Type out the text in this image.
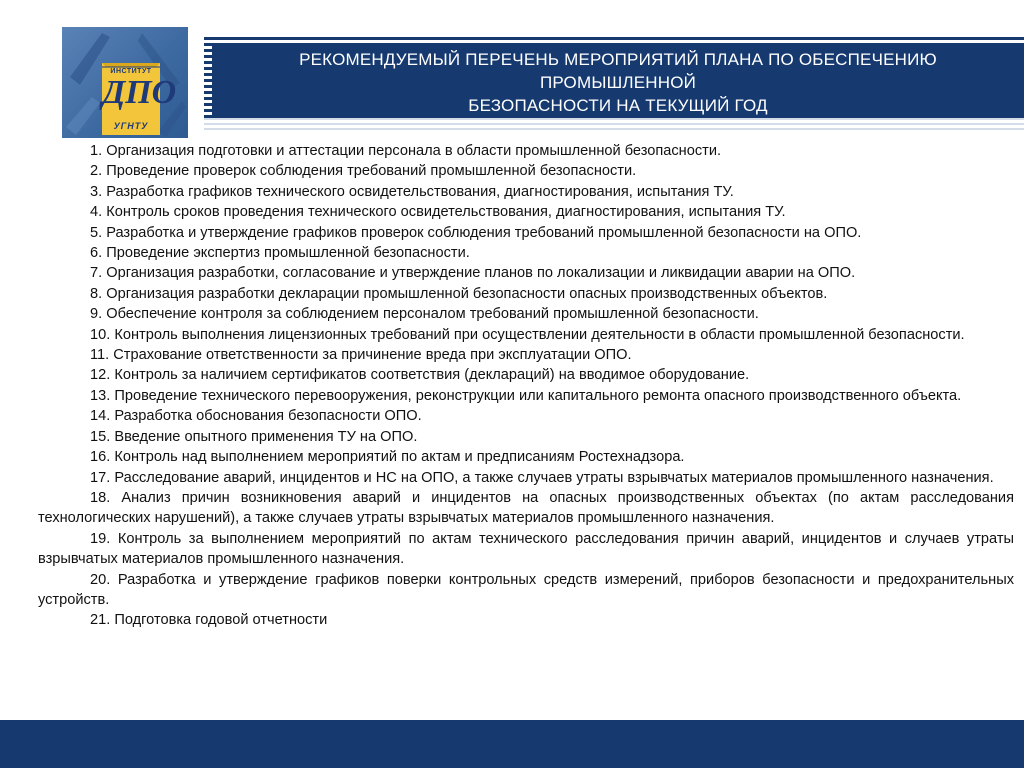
ИНСТИТУТ
ДПО
УГНТУ
РЕКОМЕНДУЕМЫЙ ПЕРЕЧЕНЬ МЕРОПРИЯТИЙ ПЛАНА ПО ОБЕСПЕЧЕНИЮ ПРОМЫШЛЕННОЙ
БЕЗОПАСНОСТИ НА ТЕКУЩИЙ ГОД

1. Организация подготовки и аттестации персонала в области промышленной безопасности.

2. Проведение проверок соблюдения требований промышленной безопасности.

3. Разработка графиков технического освидетельствования, диагностирования, испытания ТУ.

4. Контроль сроков проведения технического освидетельствования, диагностирования, испытания ТУ.

5. Разработка и утверждение графиков проверок соблюдения требований промышленной безопасности на ОПО.

6. Проведение экспертиз промышленной безопасности.

7. Организация разработки, согласование и утверждение планов по локализации и ликвидации аварии на ОПО.

8. Организация разработки декларации промышленной безопасности опасных производственных объектов.

9. Обеспечение контроля за соблюдением персоналом требований промышленной безопасности.

10. Контроль выполнения лицензионных требований при осуществлении деятельности в области промышленной безопасности.

11. Страхование ответственности за причинение вреда при эксплуатации ОПО.

12. Контроль за наличием сертификатов соответствия (деклараций) на вводимое оборудование.

13. Проведение технического перевооружения, реконструкции или капитального ремонта опасного производственного объекта.

14. Разработка обоснования безопасности ОПО.

15. Введение опытного применения ТУ на ОПО.

16. Контроль над выполнением мероприятий по актам и предписаниям Ростехнадзора.

17. Расследование аварий, инцидентов и НС на ОПО, а также случаев утраты взрывчатых материалов промышленного назначения.

18. Анализ причин возникновения аварий и инцидентов на опасных производственных объектах (по актам расследования технологических нарушений), а также случаев утраты взрывчатых материалов промышленного назначения.

19. Контроль за выполнением мероприятий по актам технического расследования причин аварий, инцидентов и случаев утраты взрывчатых материалов промышленного назначения.

20. Разработка и утверждение графиков поверки контрольных средств измерений, приборов безопасности и предохранительных устройств.

21. Подготовка годовой отчетности
